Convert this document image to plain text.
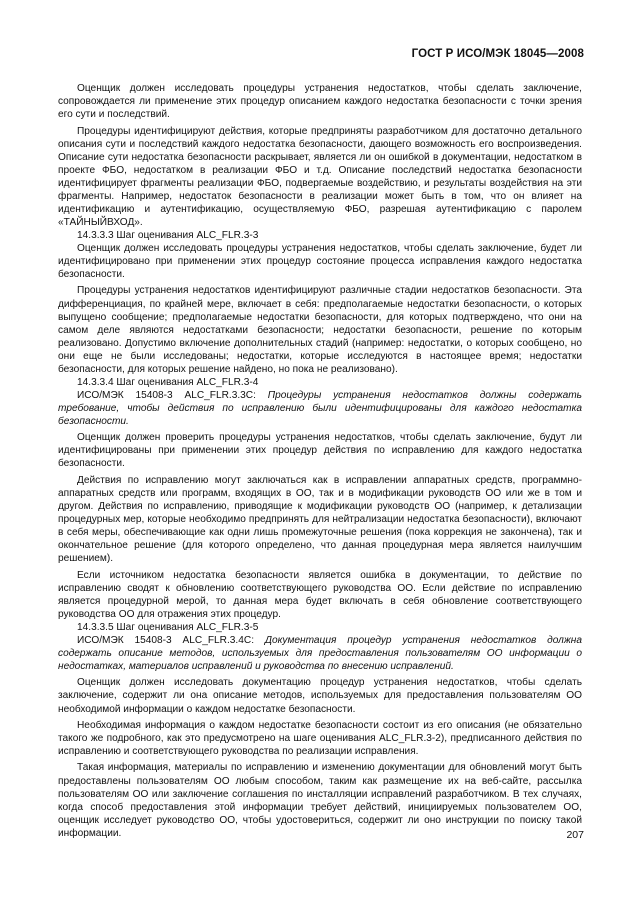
ГОСТ Р ИСО/МЭК 18045—2008

Оценщик должен исследовать процедуры устранения недостатков, чтобы сделать заключение, сопровождается ли применение этих процедур описанием каждого недостатка безопасности с точки зрения его сути и последствий.

Процедуры идентифицируют действия, которые предприняты разработчиком для достаточно детального описания сути и последствий каждого недостатка безопасности, дающего возможность его воспроизведения. Описание сути недостатка безопасности раскрывает, является ли он ошибкой в документации, недостатком в проекте ФБО, недостатком в реализации ФБО и т.д. Описание последствий недостатка безопасности идентифицирует фрагменты реализации ФБО, подвергаемые воздействию, и результаты воздействия на эти фрагменты. Например, недостаток безопасности в реализации может быть в том, что он влияет на идентификацию и аутентификацию, осуществляемую ФБО, разрешая аутентификацию с паролем «ТАЙНЫЙВХОД».

14.3.3.3 Шаг оценивания ALC_FLR.3-3

Оценщик должен исследовать процедуры устранения недостатков, чтобы сделать заключение, будет ли идентифицировано при применении этих процедур состояние процесса исправления каждого недостатка безопасности.

Процедуры устранения недостатков идентифицируют различные стадии недостатков безопасности. Эта дифференциация, по крайней мере, включает в себя: предполагаемые недостатки безопасности, о которых выпущено сообщение; предполагаемые недостатки безопасности, для которых подтверждено, что они на самом деле являются недостатками безопасности; недостатки безопасности, решение по которым реализовано. Допустимо включение дополнительных стадий (например: недостатки, о которых сообщено, но они еще не были исследованы; недостатки, которые исследуются в настоящее время; недостатки безопасности, для которых решение найдено, но пока не реализовано).

14.3.3.4 Шаг оценивания ALC_FLR.3-4

ИСО/МЭК 15408-3 ALC_FLR.3.3C: Процедуры устранения недостатков должны содержать требование, чтобы действия по исправлению были идентифицированы для каждого недостатка безопасности.

Оценщик должен проверить процедуры устранения недостатков, чтобы сделать заключение, будут ли идентифицированы при применении этих процедур действия по исправлению для каждого недостатка безопасности.

Действия по исправлению могут заключаться как в исправлении аппаратных средств, программно-аппаратных средств или программ, входящих в ОО, так и в модификации руководств ОО или же в том и другом. Действия по исправлению, приводящие к модификации руководств ОО (например, к детализации процедурных мер, которые необходимо предпринять для нейтрализации недостатка безопасности), включают в себя меры, обеспечивающие как одни лишь промежуточные решения (пока коррекция не закончена), так и окончательное решение (для которого определено, что данная процедурная мера является наилучшим решением).

Если источником недостатка безопасности является ошибка в документации, то действие по исправлению сводят к обновлению соответствующего руководства ОО. Если действие по исправлению является процедурной мерой, то данная мера будет включать в себя обновление соответствующего руководства ОО для отражения этих процедур.

14.3.3.5 Шаг оценивания ALC_FLR.3-5

ИСО/МЭК 15408-3 ALC_FLR.3.4C: Документация процедур устранения недостатков должна содержать описание методов, используемых для предоставления пользователям ОО информации о недостатках, материалов исправлений и руководства по внесению исправлений.

Оценщик должен исследовать документацию процедур устранения недостатков, чтобы сделать заключение, содержит ли она описание методов, используемых для предоставления пользователям ОО необходимой информации о каждом недостатке безопасности.

Необходимая информация о каждом недостатке безопасности состоит из его описания (не обязательно такого же подробного, как это предусмотрено на шаге оценивания ALC_FLR.3-2), предписанного действия по исправлению и соответствующего руководства по реализации исправления.

Такая информация, материалы по исправлению и изменению документации для обновлений могут быть предоставлены пользователям ОО любым способом, таким как размещение их на веб-сайте, рассылка пользователям ОО или заключение соглашения по инсталляции исправлений разработчиком. В тех случаях, когда способ предоставления этой информации требует действий, инициируемых пользователем ОО, оценщик исследует руководство ОО, чтобы удостовериться, содержит ли оно инструкции по поиску такой информации.	207
